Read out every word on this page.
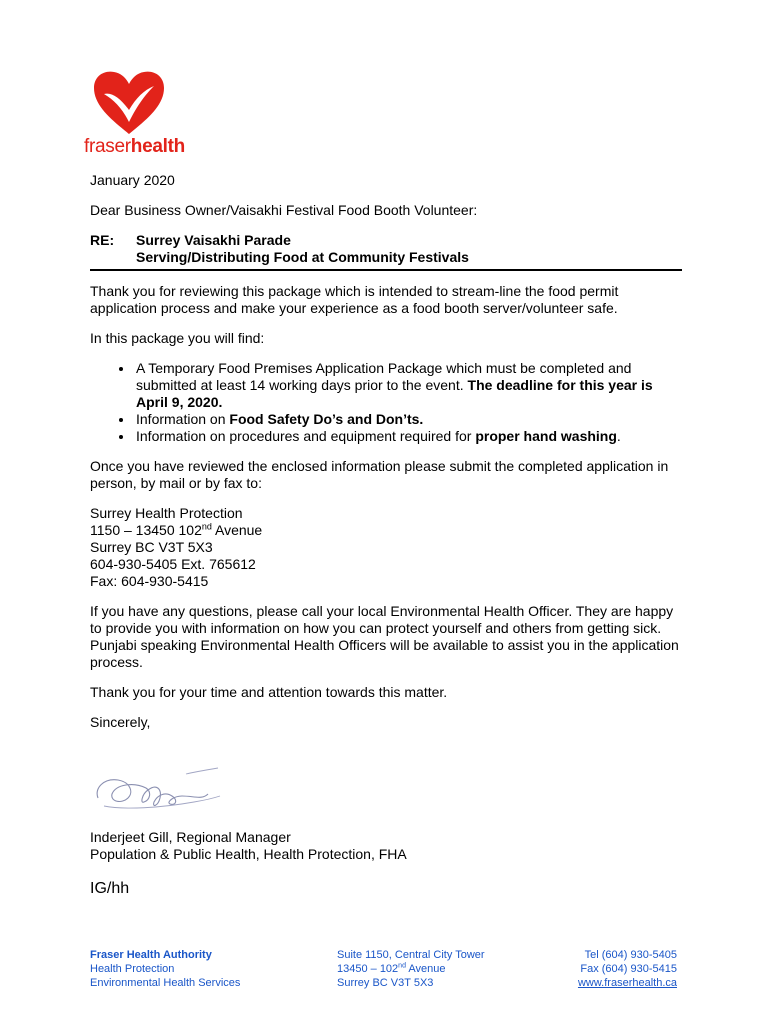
fraserhealth

January 2020

Dear Business Owner/Vaisakhi Festival Food Booth Volunteer:

RE:	Surrey Vaisakhi Parade
Serving/Distributing Food at Community Festivals

Thank you for reviewing this package which is intended to stream-line the food permit application process and make your experience as a food booth server/volunteer safe.

In this package you will find:

• A Temporary Food Premises Application Package which must be completed and submitted at least 14 working days prior to the event. The deadline for this year is April 9, 2020.
• Information on Food Safety Do’s and Don’ts.
• Information on procedures and equipment required for proper hand washing.

Once you have reviewed the enclosed information please submit the completed application in person, by mail or by fax to:

Surrey Health Protection
1150 – 13450 102nd Avenue
Surrey BC V3T 5X3
604-930-5405 Ext. 765612
Fax: 604-930-5415

If you have any questions, please call your local Environmental Health Officer. They are happy to provide you with information on how you can protect yourself and others from getting sick. Punjabi speaking Environmental Health Officers will be available to assist you in the application process.

Thank you for your time and attention towards this matter.

Sincerely,

Inderjeet Gill, Regional Manager
Population & Public Health, Health Protection, FHA
IG/hh
Fraser Health Authority
Health Protection
Environmental Health Services
Suite 1150, Central City Tower
13450 – 102nd Avenue
Surrey BC V3T 5X3
Tel (604) 930-5405
Fax (604) 930-5415
www.fraserhealth.ca
